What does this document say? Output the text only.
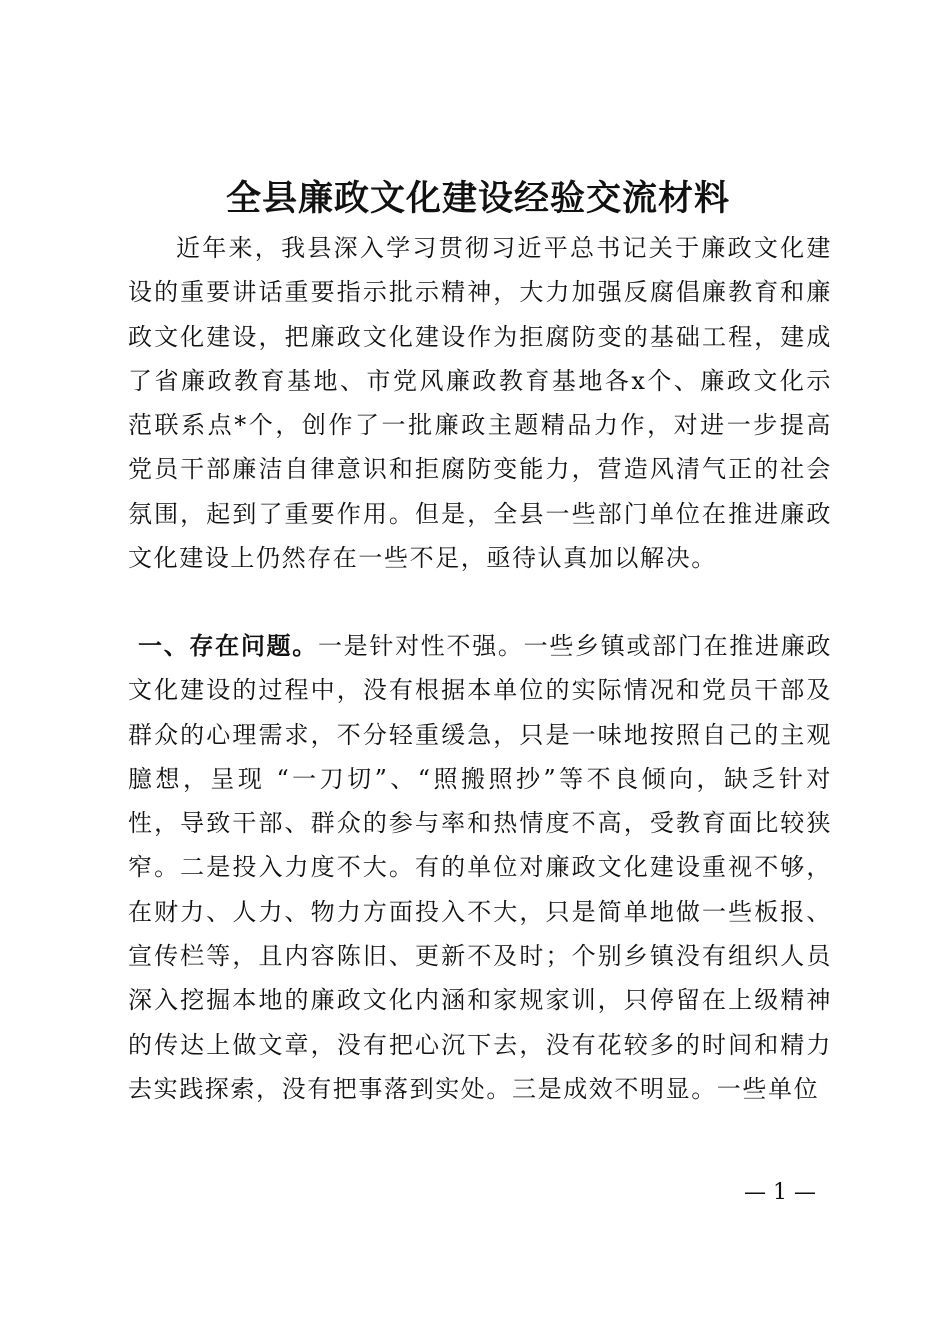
全县廉政文化建设经验交流材料

近年来，我县深入学习贯彻习近平总书记关于廉政文化建设的重要讲话重要指示批示精神，大力加强反腐倡廉教育和廉政文化建设，把廉政文化建设作为拒腐防变的基础工程，建成了省廉政教育基地、市党风廉政教育基地各x个、廉政文化示范联系点*个，创作了一批廉政主题精品力作，对进一步提高党员干部廉洁自律意识和拒腐防变能力，营造风清气正的社会氛围，起到了重要作用。但是，全县一些部门单位在推进廉政文化建设上仍然存在一些不足，亟待认真加以解决。

一、存在问题。一是针对性不强。一些乡镇或部门在推进廉政文化建设的过程中，没有根据本单位的实际情况和党员干部及群众的心理需求，不分轻重缓急，只是一味地按照自己的主观臆想，呈现 “一刀切”、“照搬照抄”等不良倾向，缺乏针对性，导致干部、群众的参与率和热情度不高，受教育面比较狭窄。二是投入力度不大。有的单位对廉政文化建设重视不够，在财力、人力、物力方面投入不大，只是简单地做一些板报、宣传栏等，且内容陈旧、更新不及时；个别乡镇没有组织人员深入挖掘本地的廉政文化内涵和家规家训，只停留在上级精神的传达上做文章，没有把心沉下去，没有花较多的时间和精力去实践探索，没有把事落到实处。三是成效不明显。一些单位

— 1 —
